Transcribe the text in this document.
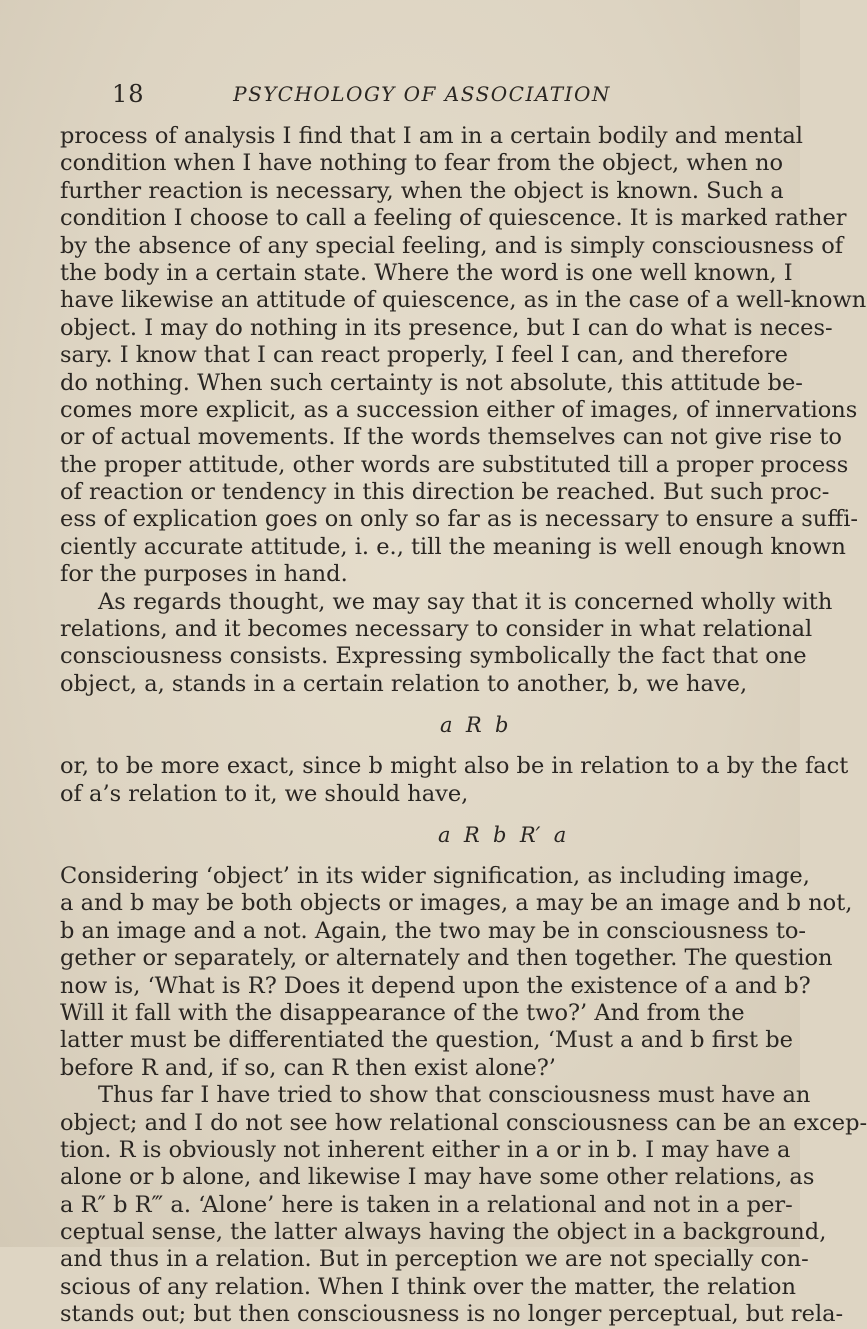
18	PSYCHOLOGY OF ASSOCIATION
process of analysis I find that I am in a certain bodily and mental
condition when I have nothing to fear from the object, when no
further reaction is necessary, when the object is known. Such a
condition I choose to call a feeling of quiescence. It is marked rather
by the absence of any special feeling, and is simply consciousness of
the body in a certain state. Where the word is one well known, I
have likewise an attitude of quiescence, as in the case of a well-known
object. I may do nothing in its presence, but I can do what is neces-
sary. I know that I can react properly, I feel I can, and therefore
do nothing. When such certainty is not absolute, this attitude be-
comes more explicit, as a succession either of images, of innervations
or of actual movements. If the words themselves can not give rise to
the proper attitude, other words are substituted till a proper process
of reaction or tendency in this direction be reached. But such proc-
ess of explication goes on only so far as is necessary to ensure a suffi-
ciently accurate attitude, i. e., till the meaning is well enough known
for the purposes in hand.
As regards thought, we may say that it is concerned wholly with
relations, and it becomes necessary to consider in what relational
consciousness consists. Expressing symbolically the fact that one
object, a, stands in a certain relation to another, b, we have,
a  R  b
or, to be more exact, since b might also be in relation to a by the fact
of a’s relation to it, we should have,
a  R  b  R′  a
Considering ‘object’ in its wider signification, as including image,
a and b may be both objects or images, a may be an image and b not,
b an image and a not. Again, the two may be in consciousness to-
gether or separately, or alternately and then together. The question
now is, ‘What is R? Does it depend upon the existence of a and b?
Will it fall with the disappearance of the two?’ And from the
latter must be differentiated the question, ‘Must a and b first be
before R and, if so, can R then exist alone?’
Thus far I have tried to show that consciousness must have an
object; and I do not see how relational consciousness can be an excep-
tion. R is obviously not inherent either in a or in b. I may have a
alone or b alone, and likewise I may have some other relations, as
a R″ b R‴ a. ‘Alone’ here is taken in a relational and not in a per-
ceptual sense, the latter always having the object in a background,
and thus in a relation. But in perception we are not specially con-
scious of any relation. When I think over the matter, the relation
stands out; but then consciousness is no longer perceptual, but rela-
